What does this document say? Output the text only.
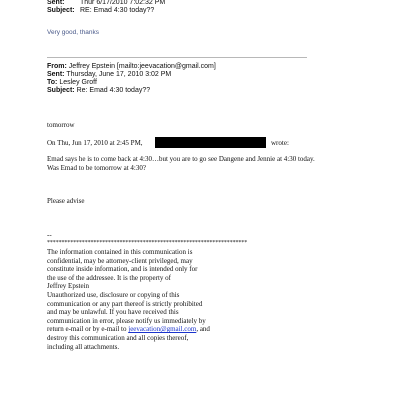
Sent: Thur 6/17/2010 7:02:32 PM
Subject: RE: Emad 4:30 today??
Very good, thanks
From: Jeffrey Epstein [mailto:jeevacation@gmail.com]
Sent: Thursday, June 17, 2010 3:02 PM
To: Lesley Groff
Subject: Re: Emad 4:30 today??
tomorrow
On Thu, Jun 17, 2010 at 2:45 PM,	wrote:
Emad says he is to come back at 4:30…but you are to go see Dangene and Jennie at 4:30 today.
Was Emad to be tomorrow at 4:30?
Please advise
--
*********************************************************************
The information contained in this communication is
confidential, may be attorney-client privileged, may
constitute inside information, and is intended only for
the use of the addressee. It is the property of
Jeffrey Epstein
Unauthorized use, disclosure or copying of this
communication or any part thereof is strictly prohibited
and may be unlawful. If you have received this
communication in error, please notify us immediately by
return e-mail or by e-mail to jeevacation@gmail.com, and
destroy this communication and all copies thereof,
including all attachments.
